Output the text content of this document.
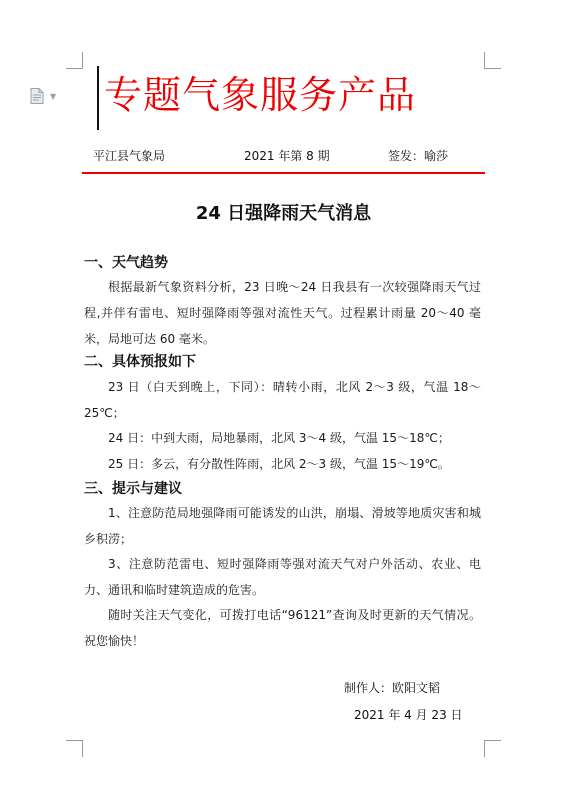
▼ 专题气象服务产品
平江县气象局	2021 年第 8 期	签发：喻莎
24 日强降雨天气消息
一、天气趋势
根据最新气象资料分析，23 日晚～24 日我县有一次较强降雨天气过程,并伴有雷电、短时强降雨等强对流性天气。过程累计雨量 20～40 毫米，局地可达 60 毫米。
二、具体预报如下
23 日（白天到晚上，下同）：晴转小雨，北风 2～3 级，气温 18～25℃；
24 日：中到大雨，局地暴雨，北风 3～4 级，气温 15～18℃；
25 日：多云，有分散性阵雨，北风 2～3 级，气温 15～19℃。
三、提示与建议
1、注意防范局地强降雨可能诱发的山洪，崩塌、滑坡等地质灾害和城乡积涝；
3、注意防范雷电、短时强降雨等强对流天气对户外活动、农业、电力、通讯和临时建筑造成的危害。
随时关注天气变化，可拨打电话“96121”查询及时更新的天气情况。祝您愉快！
制作人：欧阳文韬
2021 年 4 月 23 日
